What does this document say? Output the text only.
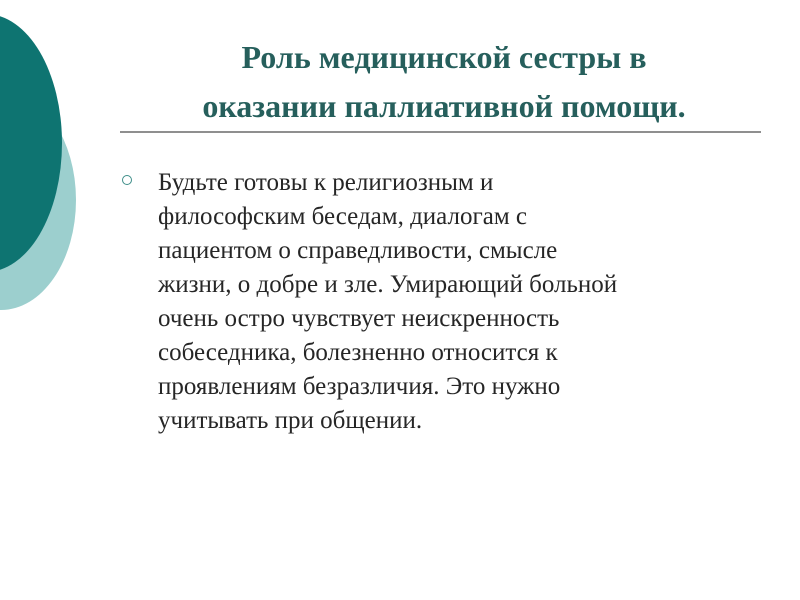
Роль медицинской сестры в
оказании паллиативной помощи.

Будьте готовы к религиозным и
философским беседам, диалогам с
пациентом о справедливости, смысле
жизни, о добре и зле. Умирающий больной
очень остро чувствует неискренность
собеседника, болезненно относится к
проявлениям безразличия. Это нужно
учитывать при общении.
